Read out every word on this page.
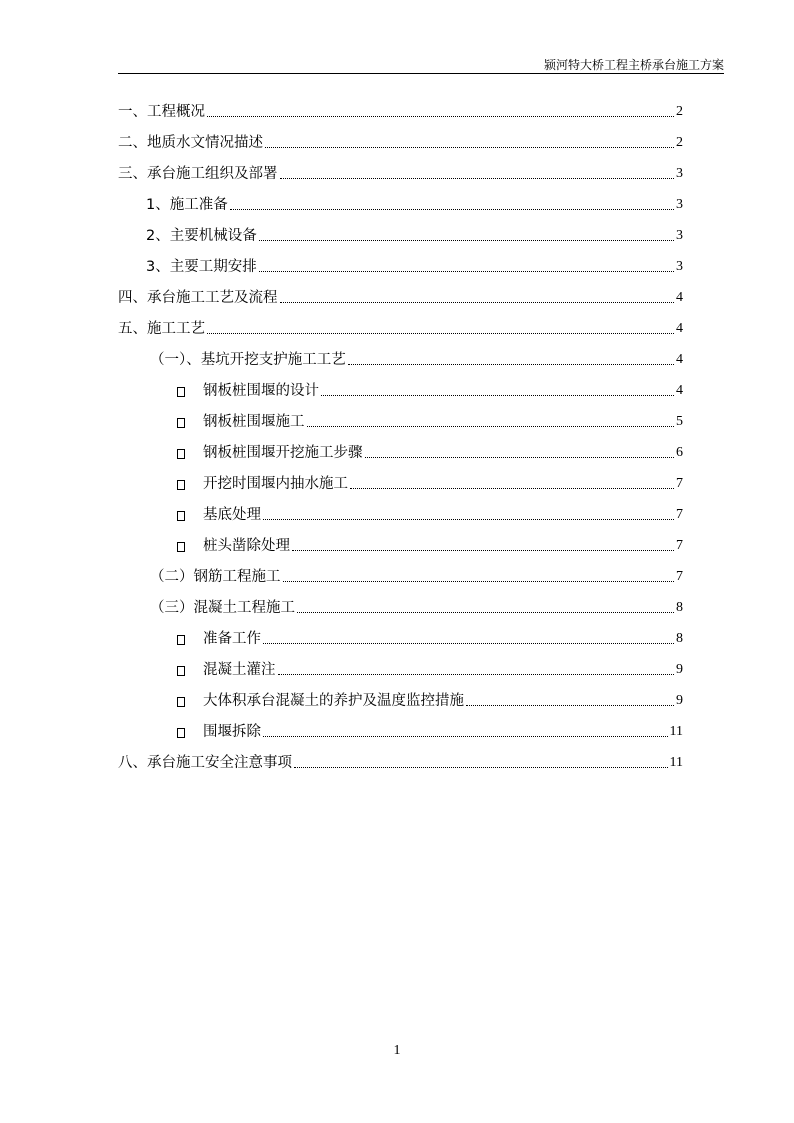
颍河特大桥工程主桥承台施工方案
一、工程概况	2
二、地质水文情况描述	2
三、承台施工组织及部署	3
1、施工准备	3
2、主要机械设备	3
3、主要工期安排	3
四、承台施工工艺及流程	4
五、施工工艺	4
（一）、基坑开挖支护施工工艺	4
钢板桩围堰的设计	4
钢板桩围堰施工	5
钢板桩围堰开挖施工步骤	6
开挖时围堰内抽水施工	7
基底处理	7
桩头凿除处理	7
（二）钢筋工程施工	7
（三）混凝土工程施工	8
准备工作	8
混凝土灌注	9
大体积承台混凝土的养护及温度监控措施	9
围堰拆除	11
八、承台施工安全注意事项	11
1
